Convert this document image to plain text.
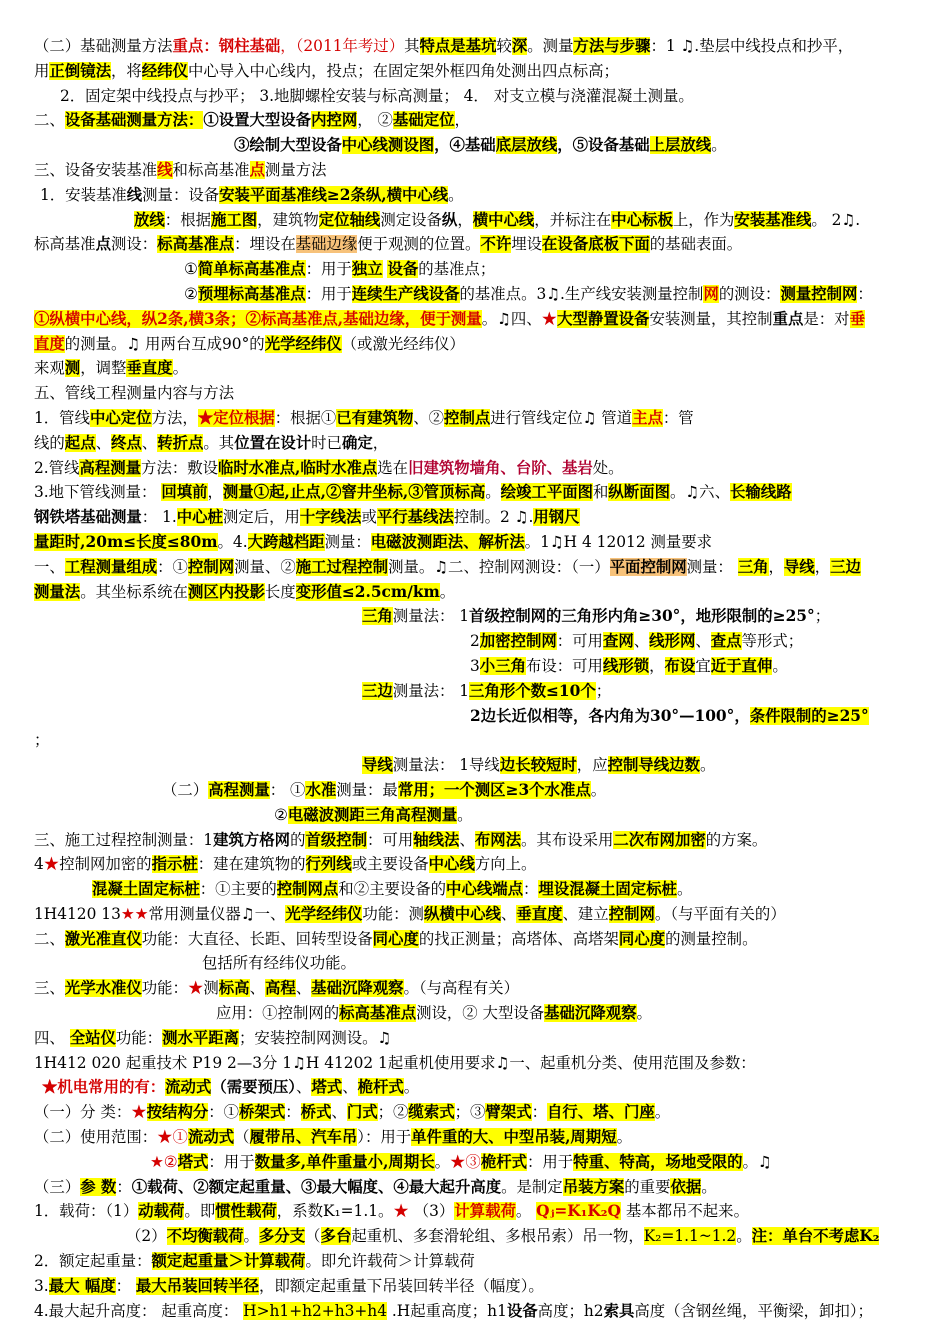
（二）基础测量方法重点：钢柱基础，（2011年考过）其特点是基坑较深。测量方法与步骤：1 ♫.垫层中线投点和抄平，
用正倒镜法，将经纬仪中心导入中心线内，投点；在固定架外框四角处测出四点标高；
2．固定架中线投点与抄平； 3.地脚螺栓安装与标高测量； 4． 对支立模与浇灌混凝土测量。
二、设备基础测量方法：①设置大型设备内控网， ②基础定位，
③绘制大型设备中心线测设图，④基础底层放线，⑤设备基础上层放线。
三、设备安装基准线和标高基准点测量方法
1．安装基准线测量：设备安装平面基准线≥2条纵,横中心线。
放线：根据施工图，建筑物定位轴线测定设备纵，横中心线，并标注在中心标板上，作为安装基准线。 2♫.
标高基准点测设：标高基准点：埋设在基础边缘便于观测的位置。不许埋设在设备底板下面的基础表面。
①简单标高基准点：用于独立 设备的基准点；
②预埋标高基准点：用于连续生产线设备的基准点。3♫.生产线安装测量控制网的测设：测量控制网：
①纵横中心线，纵2条,横3条；②标高基准点,基础边缘，便于测量。♫四、★大型静置设备安装测量，其控制重点是：对垂
直度的测量。♫ 用两台互成90°的光学经纬仪（或激光经纬仪）
来观测，调整垂直度。
五、管线工程测量内容与方法
1．管线中心定位方法，★定位根据：根据①已有建筑物、②控制点进行管线定位♫ 管道主点：管
线的起点、终点、转折点。其位置在设计时已确定，
2.管线高程测量方法：敷设临时水准点,临时水准点选在旧建筑物墙角、台阶、基岩处。
3.地下管线测量： 回填前，测量①起,止点,②窨井坐标,③管顶标高。绘竣工平面图和纵断面图。♫六、长输线路
钢铁塔基础测量： 1.中心桩测定后，用十字线法或平行基线法控制。2 ♫.用钢尺
量距时,20m≤长度≤80m。4.大跨越档距测量：电磁波测距法、解析法。1♫H 4 12012 测量要求
一、工程测量组成：①控制网测量、②施工过程控制测量。♫二、控制网测设：（一）平面控制网测量： 三角，导线，三边
测量法。其坐标系统在测区内投影长度变形值≤2.5cm/km。
三角测量法： 1首级控制网的三角形内角≥30°，地形限制的≥25°；
2加密控制网：可用查网、线形网、查点等形式；
3小三角布设：可用线形锁，布设宜近于直伸。
三边测量法： 1三角形个数≤10个；
2边长近似相等，各内角为30°—100°，条件限制的≥25°
；
导线测量法： 1导线边长较短时，应控制导线边数。
（二）高程测量： ①水准测量：最常用；一个测区≥3个水准点。
②电磁波测距三角高程测量。
三、施工过程控制测量：1建筑方格网的首级控制：可用轴线法、布网法。其布设采用二次布网加密的方案。
4★控制网加密的指示桩：建在建筑物的行列线或主要设备中心线方向上。
混凝土固定标桩：①主要的控制网点和②主要设备的中心线端点：埋设混凝土固定标桩。
1H4120 13★★常用测量仪器♫一、光学经纬仪功能：测纵横中心线、垂直度、建立控制网。（与平面有关的）
二、激光准直仪功能：大直径、长距、回转型设备同心度的找正测量；高塔体、高塔架同心度的测量控制。
包括所有经纬仪功能。
三、光学水准仪功能：★测标高、高程、基础沉降观察。（与高程有关）
应用：①控制网的标高基准点测设，② 大型设备基础沉降观察。
四、 全站仪功能：测水平距离；安装控制网测设。♫
1H412 020 起重技术 P19 2—3分 1♫H 41202 1起重机使用要求♫一、起重机分类、使用范围及参数：
★机电常用的有：流动式（需要预压）、塔式、桅杆式。
（一）分 类：★按结构分：①桥架式：桥式、门式；②缆索式；③臂架式：自行、塔、门座。
（二）使用范围：★①流动式（履带吊、汽车吊）：用于单件重的大、中型吊装,周期短。
★②塔式：用于数量多,单件重量小,周期长。★③桅杆式：用于特重、特高，场地受限的。♫
（三）参 数：①载荷、②额定起重量、③最大幅度、④最大起升高度。是制定吊装方案的重要依据。
1．载荷：（1）动载荷。即惯性载荷，系数K₁=1.1。★ （3）计算载荷。 Qⱼ=K₁K₂Q 基本都吊不起来。
（2）不均衡载荷。多分支（多台起重机、多套滑轮组、多根吊索）吊一物，K₂=1.1~1.2。注：单台不考虑K₂
2．额定起重量：额定起重量＞计算载荷。即允许载荷＞计算载荷
3.最大 幅度： 最大吊装回转半径，即额定起重量下吊装回转半径（幅度）。
4.最大起升高度： 起重高度： H>h1+h2+h3+h4 .H起重高度；h1设备高度；h2索具高度（含钢丝绳，平衡梁，卸扣）；
